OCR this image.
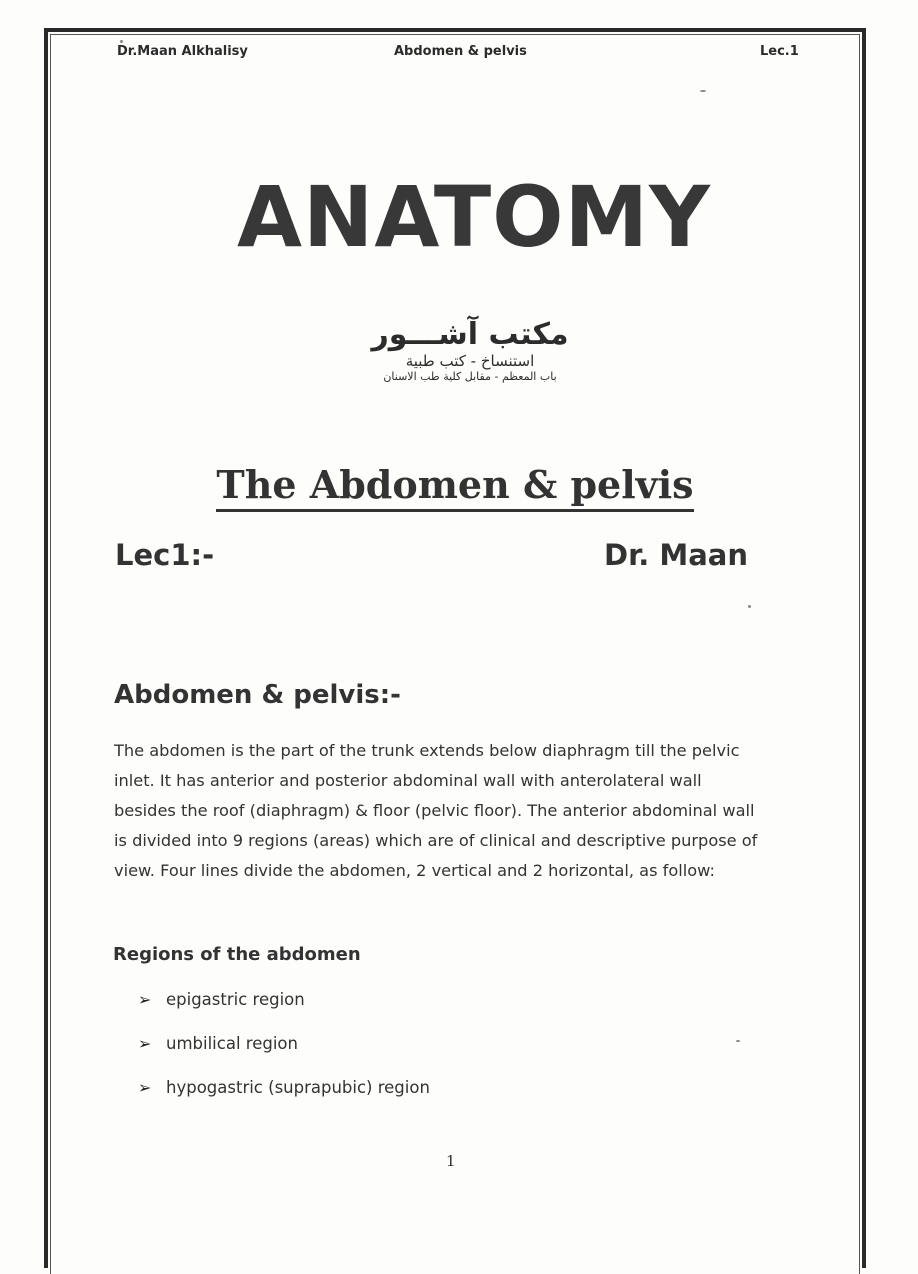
Dr.Maan Alkhalisy	Abdomen & pelvis	Lec.1
ANATOMY
مكتب آشـــور
استنساخ - كتب طبية
باب المعظم - مقابل كلية طب الاسنان
The Abdomen & pelvis
Lec1:-	Dr. Maan
Abdomen & pelvis:-
The abdomen is the part of the trunk extends below diaphragm till the pelvic
inlet. It has anterior and posterior abdominal wall with anterolateral wall
besides the roof (diaphragm) & floor (pelvic floor). The anterior abdominal wall
is divided into 9 regions (areas) which are of clinical and descriptive purpose of
view. Four lines divide the abdomen, 2 vertical and 2 horizontal, as follow:
Regions of the abdomen
➢ epigastric region
➢ umbilical region
➢ hypogastric (suprapubic) region
1
